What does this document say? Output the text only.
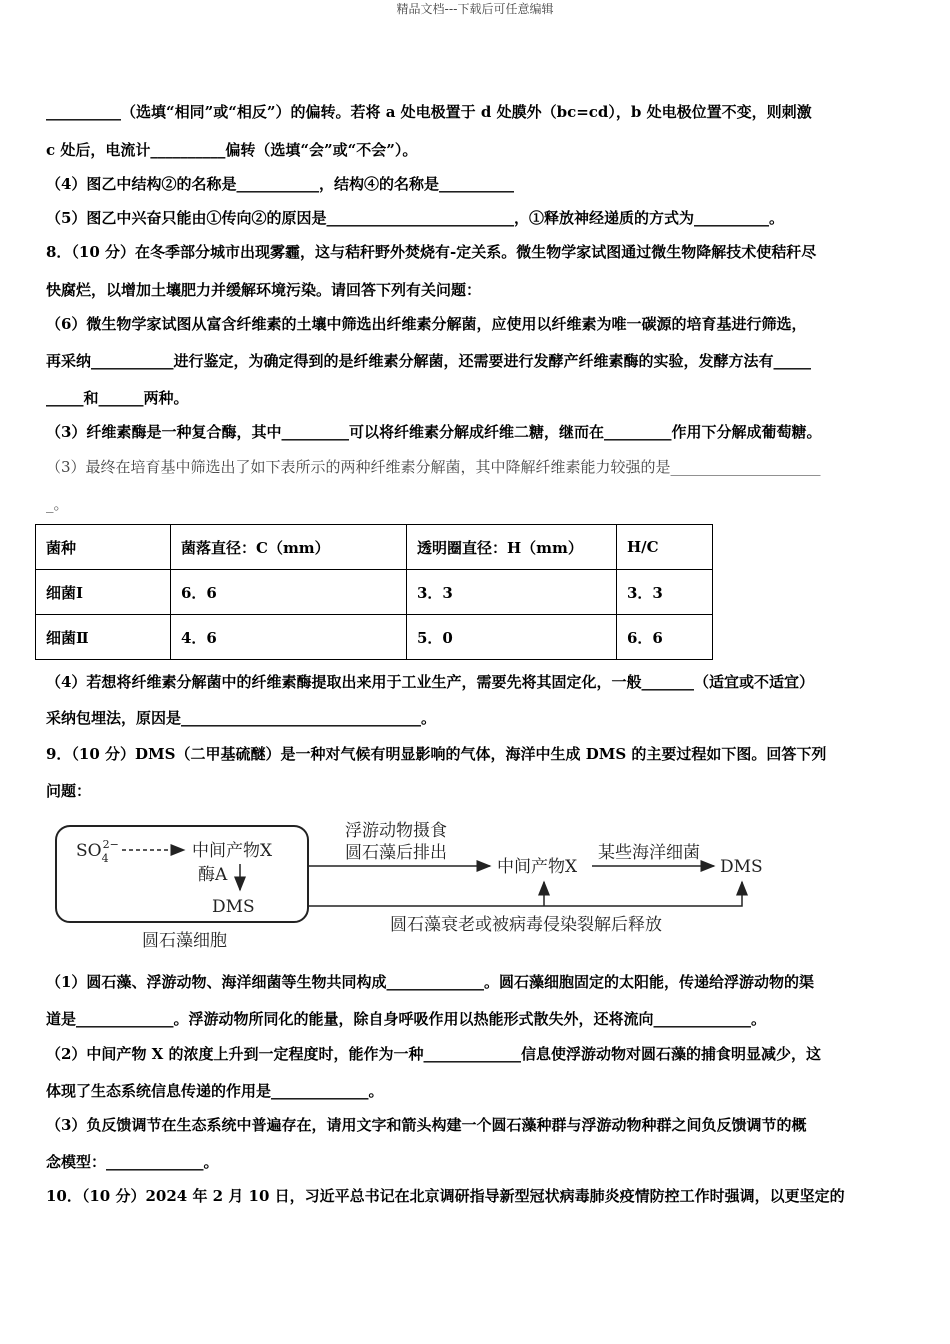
精品文档---下载后可任意编辑
__________（选填“相同”或“相反”）的偏转。若将 a 处电极置于 d 处膜外（bc=cd），b 处电极位置不变，则刺激
c 处后，电流计__________偏转（选填“会”或“不会”）。
（4）图乙中结构②的名称是___________，结构④的名称是__________
（5）图乙中兴奋只能由①传向②的原因是_________________________，①释放神经递质的方式为__________。
8．（10 分）在冬季部分城市出现雾霾，这与秸秆野外焚烧有-定关系。微生物学家试图通过微生物降解技术使秸秆尽
快腐烂，以增加土壤肥力并缓解环境污染。请回答下列有关问题：
（6）微生物学家试图从富含纤维素的土壤中筛选出纤维素分解菌，应使用以纤维素为唯一碳源的培育基进行筛选，
再采纳___________进行鉴定，为确定得到的是纤维素分解菌，还需要进行发酵产纤维素酶的实验，发酵方法有_____
_____和______两种。
（3）纤维素酶是一种复合酶，其中_________可以将纤维素分解成纤维二糖，继而在_________作用下分解成葡萄糖。
（3）最终在培育基中筛选出了如下表所示的两种纤维素分解菌，其中降解纤维素能力较强的是____________________
_。
菌种	菌落直径：C（mm）	透明圈直径：H（mm）	H/C
细菌Ⅰ	6．6	3．3	3．3
细菌Ⅱ	4．6	5．0	6．6
（4）若想将纤维素分解菌中的纤维素酶提取出来用于工业生产，需要先将其固定化，一般_______（适宜或不适宜）
采纳包埋法，原因是________________________________。
9．（10 分）DMS（二甲基硫醚）是一种对气候有明显影响的气体，海洋中生成 DMS 的主要过程如下图。回答下列
问题：
$SO_42-$	中间产物X
酶A
DMS
圆石藻细胞
浮游动物摄食
圆石藻后排出
中间产物X
某些海洋细菌
DMS
圆石藻衰老或被病毒侵染裂解后释放
（1）圆石藻、浮游动物、海洋细菌等生物共同构成_____________。圆石藻细胞固定的太阳能，传递给浮游动物的渠
道是_____________。浮游动物所同化的能量，除自身呼吸作用以热能形式散失外，还将流向_____________。
（2）中间产物 X 的浓度上升到一定程度时，能作为一种_____________信息使浮游动物对圆石藻的捕食明显减少，这
体现了生态系统信息传递的作用是_____________。
（3）负反馈调节在生态系统中普遍存在，请用文字和箭头构建一个圆石藻种群与浮游动物种群之间负反馈调节的概
念模型：_____________。
10．（10 分）2024 年 2 月 10 日，习近平总书记在北京调研指导新型冠状病毒肺炎疫情防控工作时强调，以更坚定的
